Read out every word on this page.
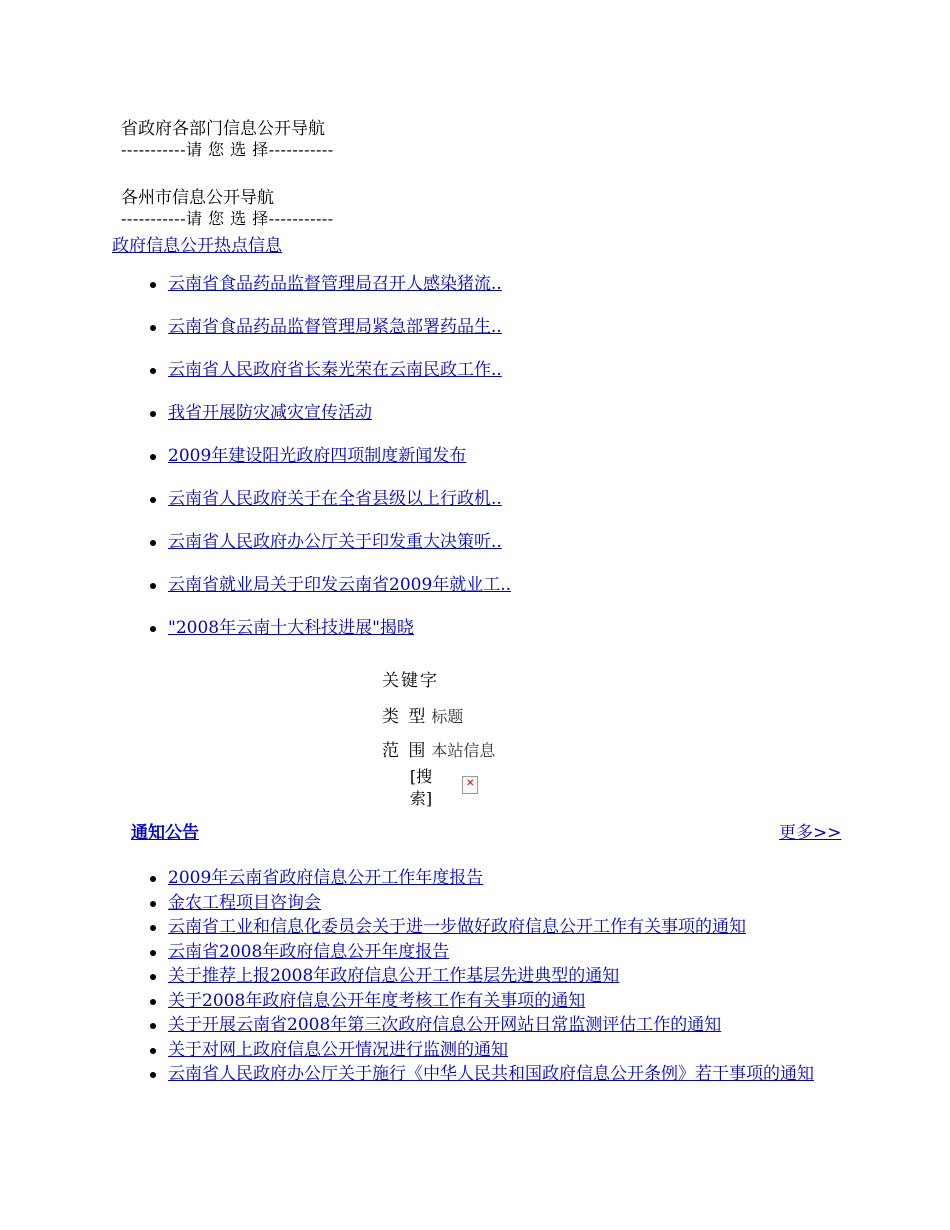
省政府各部门信息公开导航
-----------请 您 选 择-----------
各州市信息公开导航
-----------请 您 选 择-----------
政府信息公开热点信息
云南省食品药品监督管理局召开人感染猪流..
云南省食品药品监督管理局紧急部署药品生..
云南省人民政府省长秦光荣在云南民政工作..
我省开展防灾减灾宣传活动
2009年建设阳光政府四项制度新闻发布
云南省人民政府关于在全省县级以上行政机..
云南省人民政府办公厅关于印发重大决策听..
云南省就业局关于印发云南省2009年就业工..
"2008年云南十大科技进展"揭晓
关键字
类 型 标题
范 围 本站信息
[搜索]
✕
通知公告	更多>>
2009年云南省政府信息公开工作年度报告
金农工程项目咨询会
云南省工业和信息化委员会关于进一步做好政府信息公开工作有关事项的通知
云南省2008年政府信息公开年度报告
关于推荐上报2008年政府信息公开工作基层先进典型的通知
关于2008年政府信息公开年度考核工作有关事项的通知
关于开展云南省2008年第三次政府信息公开网站日常监测评估工作的通知
关于对网上政府信息公开情况进行监测的通知
云南省人民政府办公厅关于施行《中华人民共和国政府信息公开条例》若干事项的通知
